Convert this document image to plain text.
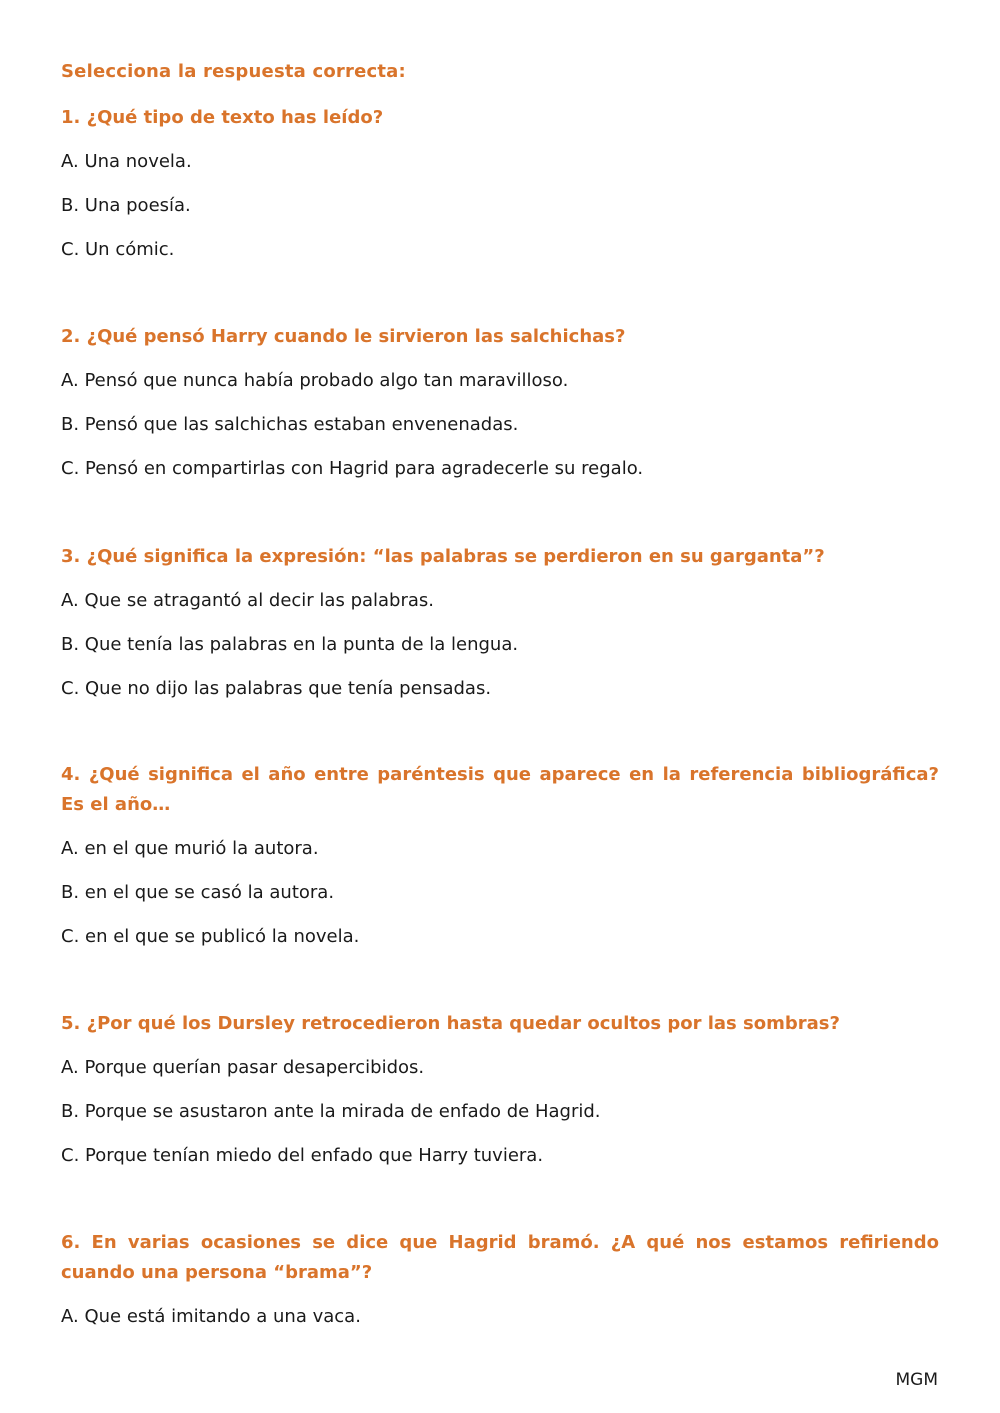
Selecciona la respuesta correcta:

1. ¿Qué tipo de texto has leído?

A. Una novela.
B. Una poesía.
C. Un cómic.

2. ¿Qué pensó Harry cuando le sirvieron las salchichas?

A. Pensó que nunca había probado algo tan maravilloso.
B. Pensó que las salchichas estaban envenenadas.
C. Pensó en compartirlas con Hagrid para agradecerle su regalo.

3. ¿Qué significa la expresión: “las palabras se perdieron en su garganta”?

A. Que se atragantó al decir las palabras.
B. Que tenía las palabras en la punta de la lengua.
C. Que no dijo las palabras que tenía pensadas.

4. ¿Qué significa el año entre paréntesis que aparece en la referencia bibliográfica? Es el año…

A. en el que murió la autora.
B. en el que se casó la autora.
C. en el que se publicó la novela.

5. ¿Por qué los Dursley retrocedieron hasta quedar ocultos por las sombras?

A. Porque querían pasar desapercibidos.
B. Porque se asustaron ante la mirada de enfado de Hagrid.
C. Porque tenían miedo del enfado que Harry tuviera.

6. En varias ocasiones se dice que Hagrid bramó. ¿A qué nos estamos refiriendo cuando una persona “brama”?

A. Que está imitando a una vaca.
MGM
